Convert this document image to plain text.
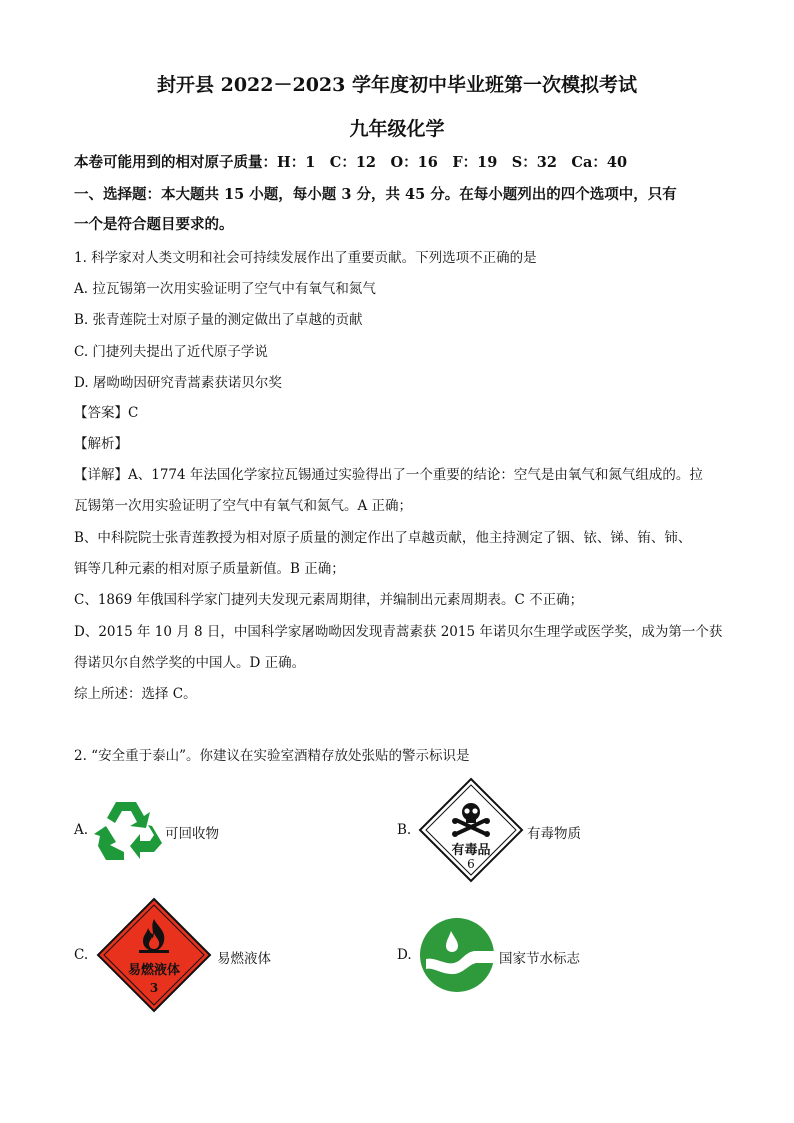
封开县 2022－2023 学年度初中毕业班第一次模拟考试
九年级化学
本卷可能用到的相对原子质量：H：1　C：12　O：16　F：19　S：32　Ca：40
一、选择题：本大题共 15 小题，每小题 3 分，共 45 分。在每小题列出的四个选项中，只有
一个是符合题目要求的。
1. 科学家对人类文明和社会可持续发展作出了重要贡献。下列选项不正确的是
A. 拉瓦锡第一次用实验证明了空气中有氧气和氮气
B. 张青莲院士对原子量的测定做出了卓越的贡献
C. 门捷列夫提出了近代原子学说
D. 屠呦呦因研究青蒿素获诺贝尔奖
【答案】C
【解析】
【详解】A、1774 年法国化学家拉瓦锡通过实验得出了一个重要的结论：空气是由氧气和氮气组成的。拉
瓦锡第一次用实验证明了空气中有氧气和氮气。A 正确；
B、中科院院士张青莲教授为相对原子质量的测定作出了卓越贡献，他主持测定了铟、铱、锑、铕、铈、
铒等几种元素的相对原子质量新值。B 正确；
C、1869 年俄国科学家门捷列夫发现元素周期律，并编制出元素周期表。C 不正确；
D、2015 年 10 月 8 日，中国科学家屠呦呦因发现青蒿素获 2015 年诺贝尔生理学或医学奖，成为第一个获
得诺贝尔自然学奖的中国人。D 正确。
综上所述：选择 C。
2. “安全重于泰山”。你建议在实验室酒精存放处张贴的警示标识是
A.	可回收物	B.
有毒品
6
有毒物质
C.
易燃液体
3
易燃液体	D.	国家节水标志
